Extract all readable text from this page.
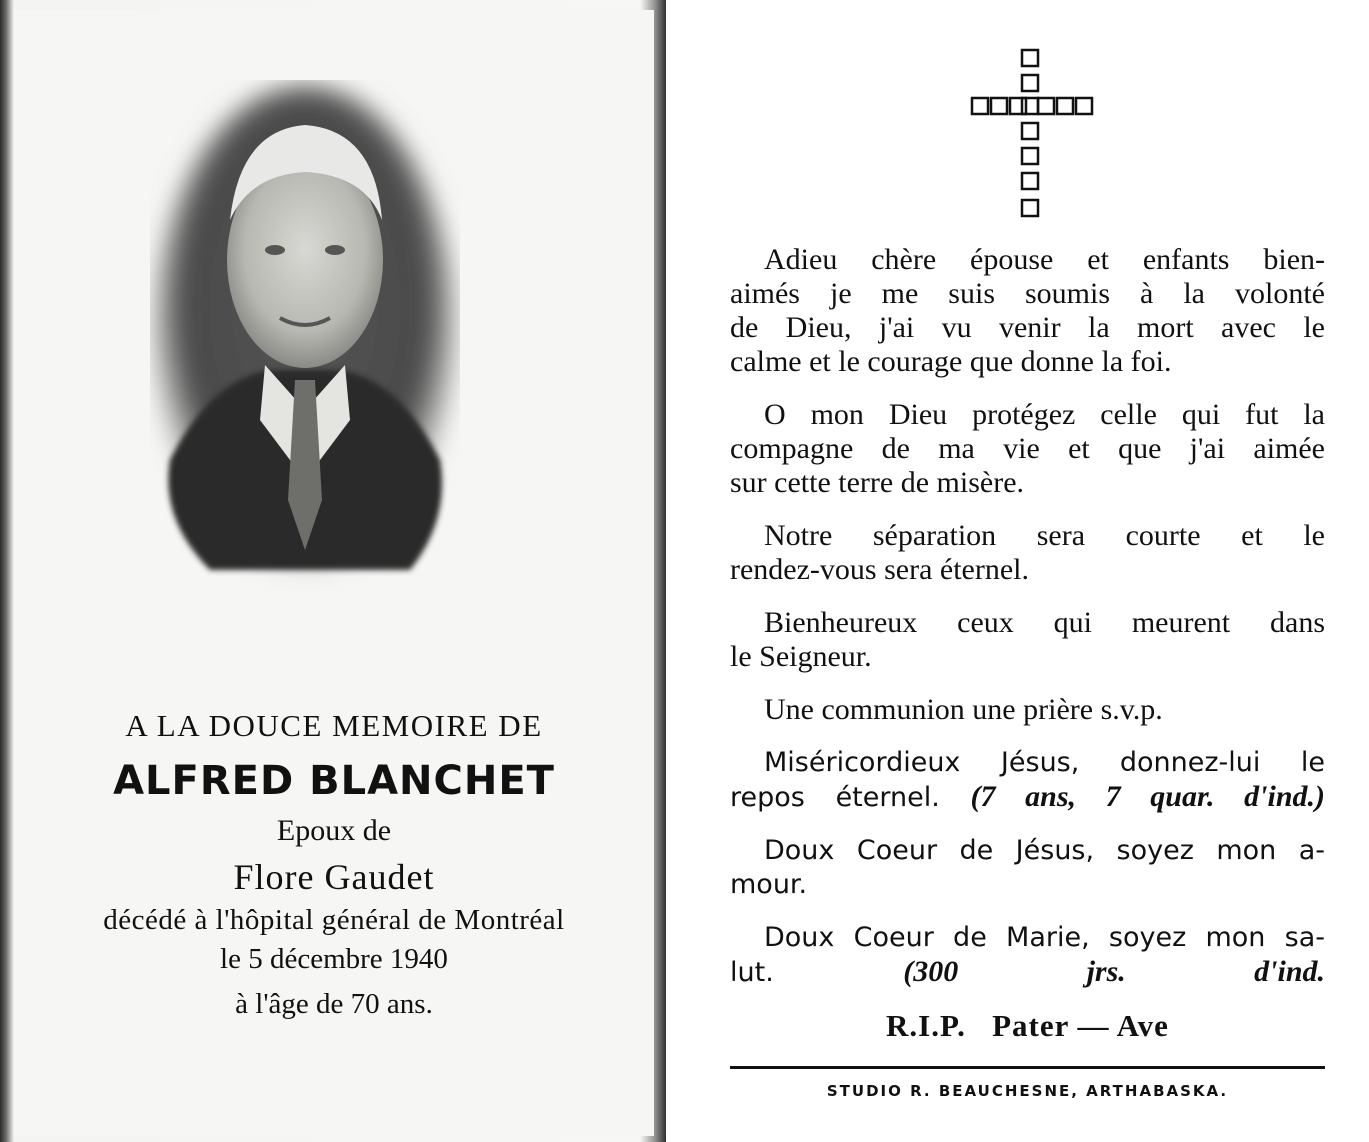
A LA DOUCE MEMOIRE DE
ALFRED BLANCHET
Epoux de
Flore Gaudet
décédé à l'hôpital général de Montréal
le 5 décembre 1940
à l'âge de 70 ans.
Adieu chère épouse et enfants bien-
aimés je me suis soumis à la volonté
de Dieu, j'ai vu venir la mort avec le
calme et le courage que donne la foi.
O mon Dieu protégez celle qui fut la
compagne de ma vie et que j'ai aimée
sur cette terre de misère.
Notre séparation sera courte et le
rendez-vous sera éternel.
Bienheureux ceux qui meurent dans
le Seigneur.
Une communion une prière s.v.p.
Miséricordieux Jésus, donnez-lui le
repos éternel. (7 ans, 7 quar. d'ind.)
Doux Coeur de Jésus, soyez mon a-
mour.
Doux Coeur de Marie, soyez mon sa-
lut.	(300 jrs. d'ind.
R.I.P.   Pater — Ave
STUDIO R. BEAUCHESNE, ARTHABASKA.
